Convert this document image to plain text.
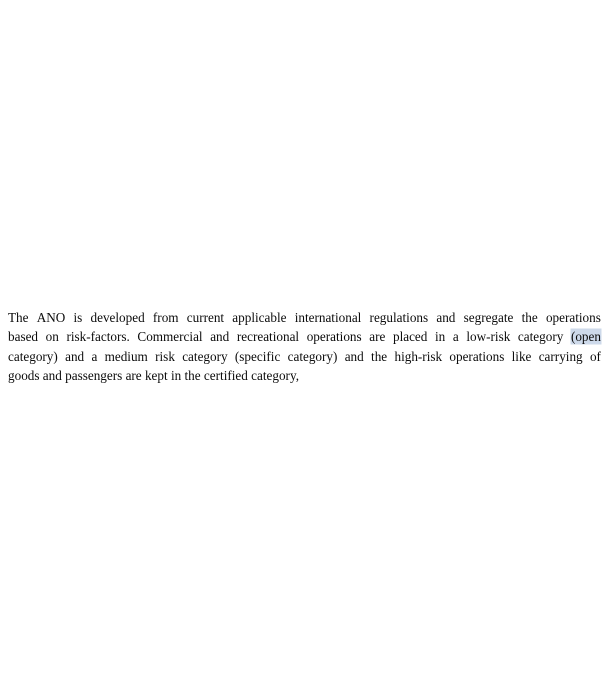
The ANO is developed from current applicable international regulations and segregate the operations
based on risk-factors. Commercial and recreational operations are placed in a low-risk category (open
category) and a medium risk category (specific category) and the high-risk operations like carrying of
goods and passengers are kept in the certified category,
